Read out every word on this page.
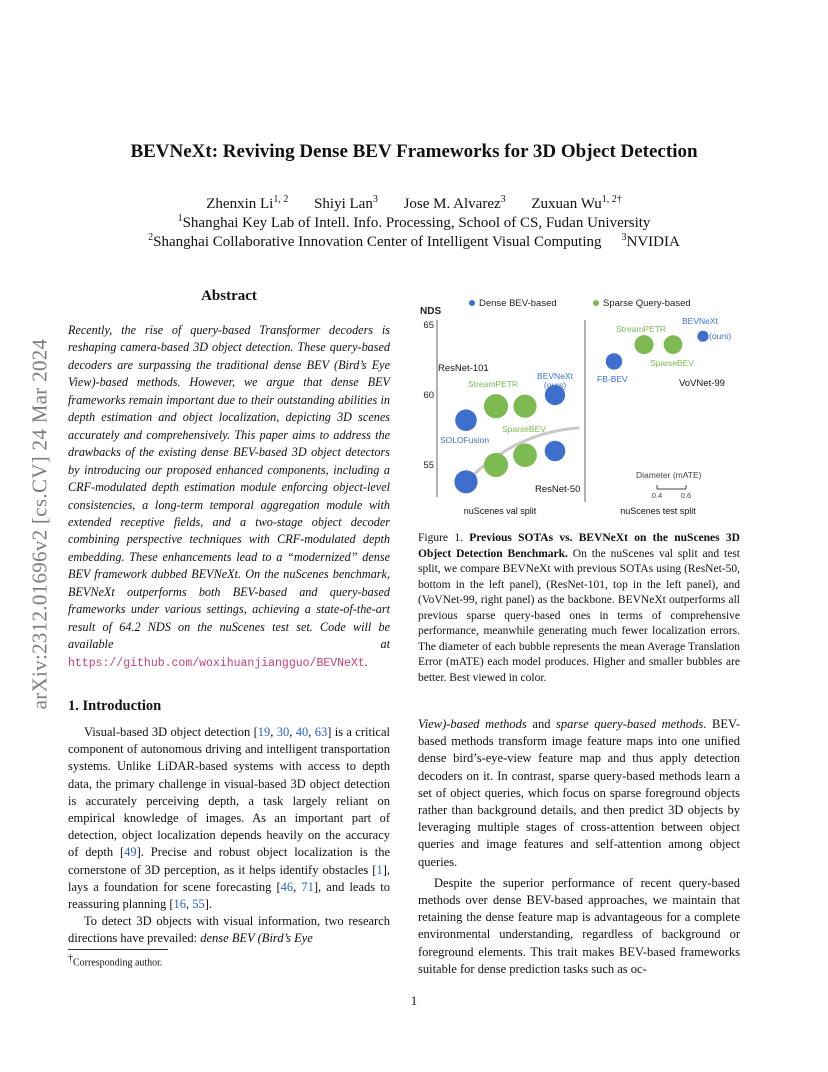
arXiv:2312.01696v2 [cs.CV] 24 Mar 2024
BEVNeXt: Reviving Dense BEV Frameworks for 3D Object Detection
Zhenxin Li$^{1, 2}$ Shiyi Lan$^3$ Jose M. Alvarez$^3$ Zuxuan $Wu^{1, 2\dagger}$
$^1$Shanghai Key Lab of Intell. Info. Processing, School of CS, Fudan University
$^2$Shanghai Collaborative Innovation Center of Intelligent Visual Computing $^3$NVIDIA
Abstract
Recently, the rise of query-based Transformer decoders is reshaping camera-based 3D object detection. These query-based decoders are surpassing the traditional dense BEV (Bird’s Eye View)-based methods. However, we argue that dense BEV frameworks remain important due to their outstanding abilities in depth estimation and object localization, depicting 3D scenes accurately and comprehensively. This paper aims to address the drawbacks of the existing dense BEV-based 3D object detectors by introducing our proposed enhanced components, including a CRF-modulated depth estimation module enforcing object-level consistencies, a long-term temporal aggregation module with extended receptive fields, and a two-stage object decoder combining perspective techniques with CRF-modulated depth embedding. These enhancements lead to a “modernized” dense BEV framework dubbed BEVNeXt. On the nuScenes benchmark, BEVNeXt outperforms both BEV-based and query-based frameworks under various settings, achieving a state-of-the-art result of 64.2 NDS on the nuScenes test set. Code will be available at https://github.com/woxihuanjiangguo/BEVNeXt.
1. Introduction

Visual-based 3D object detection [19, 30, 40, 63] is a critical component of autonomous driving and intelligent transportation systems. Unlike LiDAR-based systems with access to depth data, the primary challenge in visual-based 3D object detection is accurately perceiving depth, a task largely reliant on empirical knowledge of images. As an important part of detection, object localization depends heavily on the accuracy of depth [49]. Precise and robust object localization is the cornerstone of 3D perception, as it helps identify obstacles [1], lays a foundation for scene forecasting [46, 71], and leads to reassuring planning [16, 55].

To detect 3D objects with visual information, two research directions have prevailed: dense BEV (Bird’s Eye

†Corresponding author.
Dense BEV-based	Sparse Query-based
NDS
65
60
55
ResNet-101
SOLOFusion
StreamPETR
SparseBEV
BEVNeXt
(ours)
ResNet-50
nuScenes val split
FB-BEV
StreamPETR
SparseBEV
BEVNeXt
(ours)
VoVNet-99
nuScenes test split
Diameter (mATE)
0.4 0.6
Figure 1. Previous SOTAs vs. BEVNeXt on the nuScenes 3D Object Detection Benchmark. On the nuScenes val split and test split, we compare BEVNeXt with previous SOTAs using (ResNet-50, bottom in the left panel), (ResNet-101, top in the left panel), and (VoVNet-99, right panel) as the backbone. BEVNeXt outperforms all previous sparse query-based ones in terms of comprehensive performance, meanwhile generating much fewer localization errors. The diameter of each bubble represents the mean Average Translation Error (mATE) each model produces. Higher and smaller bubbles are better. Best viewed in color.

View)-based methods and sparse query-based methods. BEV-based methods transform image feature maps into one unified dense bird’s-eye-view feature map and thus apply detection decoders on it. In contrast, sparse query-based methods learn a set of object queries, which focus on sparse foreground objects rather than background details, and then predict 3D objects by leveraging multiple stages of cross-attention between object queries and image features and self-attention among object queries.

Despite the superior performance of recent query-based methods over dense BEV-based approaches, we maintain that retaining the dense feature map is advantageous for a complete environmental understanding, regardless of background or foreground elements. This trait makes BEV-based frameworks suitable for dense prediction tasks such as oc-

1
